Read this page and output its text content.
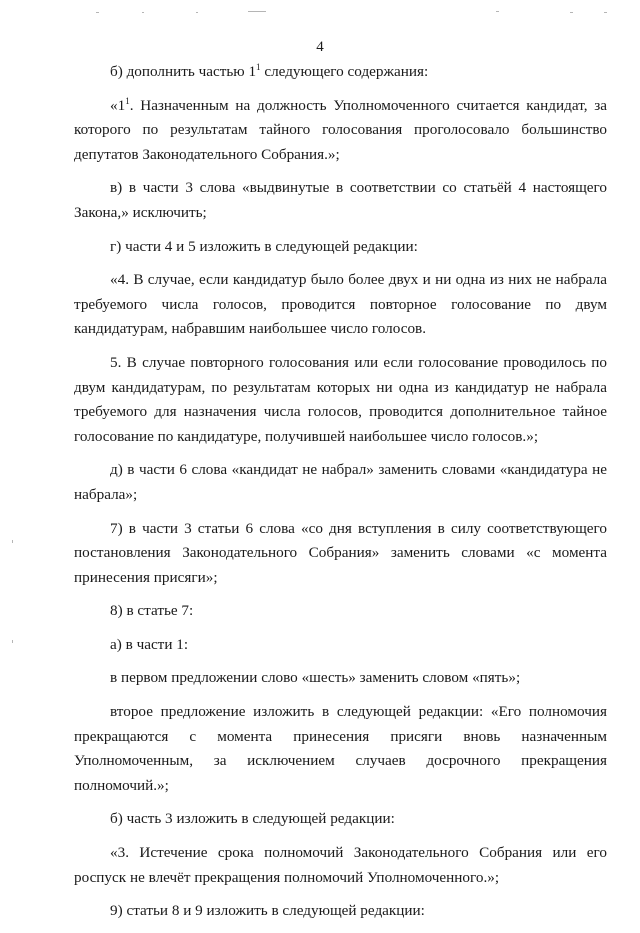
4

б) дополнить частью $1^1$ следующего содержания:

«$1^1$. Назначенным на должность Уполномоченного считается кандидат, за которого по результатам тайного голосования проголосовало большинство депутатов Законодательного Собрания.»;

в) в части 3 слова «выдвинутые в соответствии со статьёй 4 настоящего Закона,» исключить;

г) части 4 и 5 изложить в следующей редакции:

«4. В случае, если кандидатур было более двух и ни одна из них не набрала требуемого числа голосов, проводится повторное голосование по двум кандидатурам, набравшим наибольшее число голосов.

5. В случае повторного голосования или если голосование проводилось по двум кандидатурам, по результатам которых ни одна из кандидатур не набрала требуемого для назначения числа голосов, проводится дополнительное тайное голосование по кандидатуре, получившей наибольшее число голосов.»;

д) в части 6 слова «кандидат не набрал» заменить словами «кандидатура не набрала»;

7) в части 3 статьи 6 слова «со дня вступления в силу соответствующего постановления Законодательного Собрания» заменить словами «с момента принесения присяги»;

8) в статье 7:

а) в части 1:

в первом предложении слово «шесть» заменить словом «пять»;

второе предложение изложить в следующей редакции: «Его полномочия прекращаются с момента принесения присяги вновь назначенным Уполномоченным, за исключением случаев досрочного прекращения полномочий.»;

б) часть 3 изложить в следующей редакции:

«3. Истечение срока полномочий Законодательного Собрания или его роспуск не влечёт прекращения полномочий Уполномоченного.»;

9) статьи 8 и 9 изложить в следующей редакции:
